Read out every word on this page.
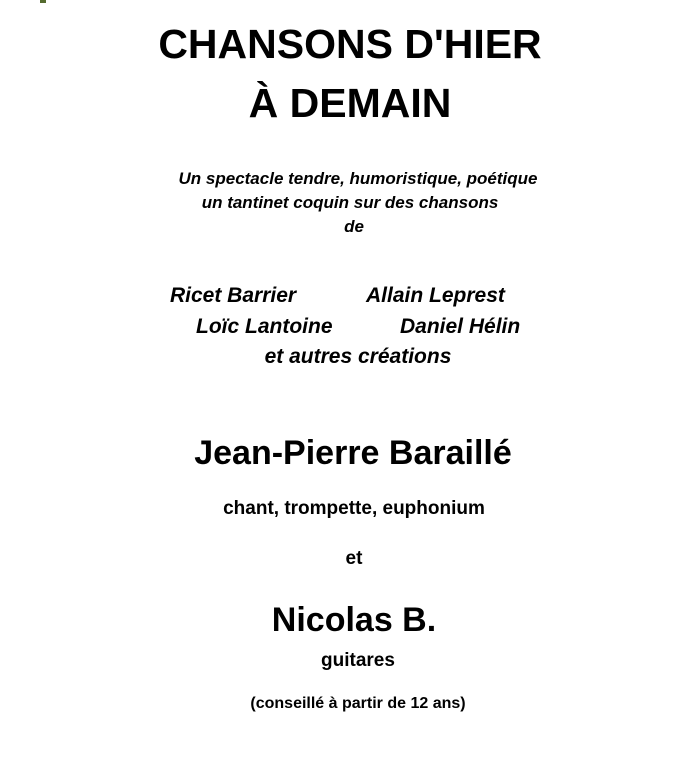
CHANSONS D'HIER
À DEMAIN
Un spectacle tendre, humoristique, poétique
un tantinet coquin sur des chansons
de
Ricet Barrier	Allain Leprest
Loïc Lantoine	Daniel Hélin
et autres créations
Jean-Pierre Baraillé
chant, trompette, euphonium
et
Nicolas B.
guitares
(conseillé à partir de 12 ans)
